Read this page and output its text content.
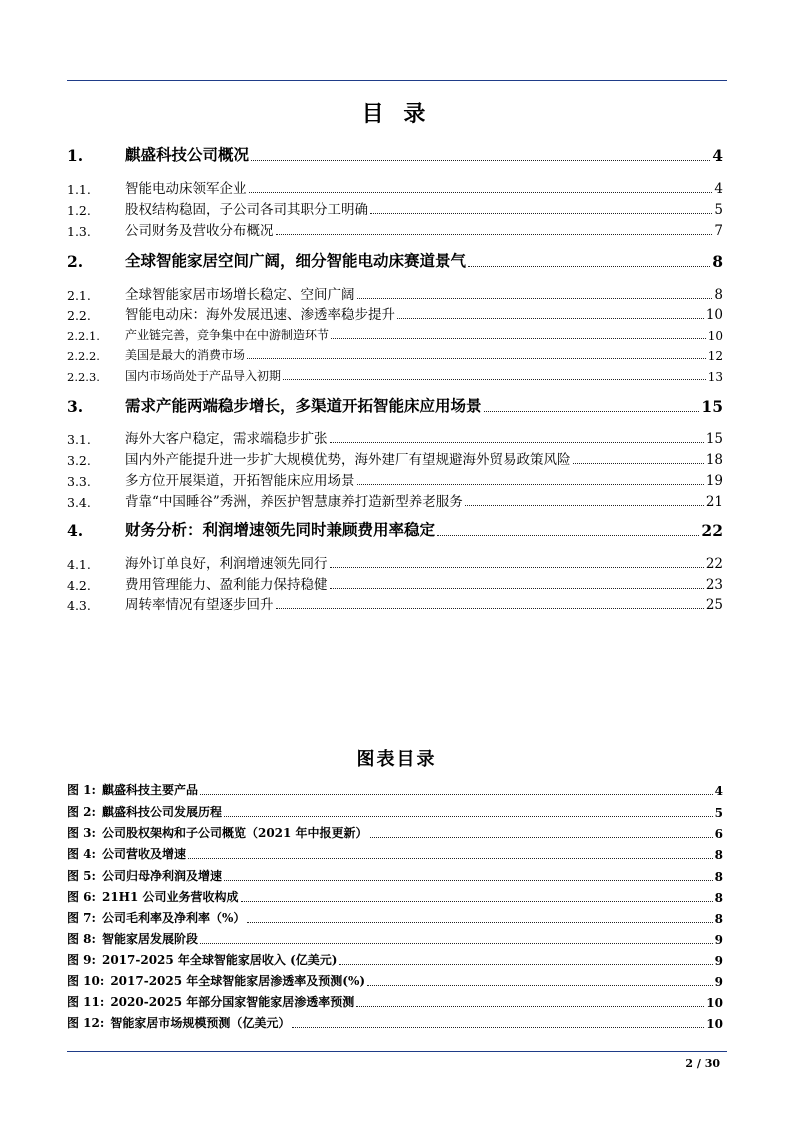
目 录
1.	麒盛科技公司概况	4
1.1.	智能电动床领军企业	4
1.2.	股权结构稳固，子公司各司其职分工明确	5
1.3.	公司财务及营收分布概况	7
2.	全球智能家居空间广阔，细分智能电动床赛道景气	8
2.1.	全球智能家居市场增长稳定、空间广阔	8
2.2.	智能电动床：海外发展迅速、渗透率稳步提升	10
2.2.1.	产业链完善，竞争集中在中游制造环节	10
2.2.2.	美国是最大的消费市场	12
2.2.3.	国内市场尚处于产品导入初期	13
3.	需求产能两端稳步增长，多渠道开拓智能床应用场景	15
3.1.	海外大客户稳定，需求端稳步扩张	15
3.2.	国内外产能提升进一步扩大规模优势，海外建厂有望规避海外贸易政策风险	18
3.3.	多方位开展渠道，开拓智能床应用场景	19
3.4.	背靠“中国睡谷”秀洲，养医护智慧康养打造新型养老服务	21
4.	财务分析：利润增速领先同时兼顾费用率稳定	22
4.1.	海外订单良好，利润增速领先同行	22
4.2.	费用管理能力、盈利能力保持稳健	23
4.3.	周转率情况有望逐步回升	25
图表目录
图 1: 麒盛科技主要产品	4
图 2: 麒盛科技公司发展历程	5
图 3: 公司股权架构和子公司概览（2021 年中报更新）	6
图 4: 公司营收及增速	8
图 5: 公司归母净利润及增速	8
图 6: 21H1 公司业务营收构成	8
图 7: 公司毛利率及净利率（%）	8
图 8: 智能家居发展阶段	9
图 9: 2017-2025 年全球智能家居收入 (亿美元)	9
图 10: 2017-2025 年全球智能家居渗透率及预测(%)	9
图 11: 2020-2025 年部分国家智能家居渗透率预测	10
图 12: 智能家居市场规模预测（亿美元）	10
2 / 30
